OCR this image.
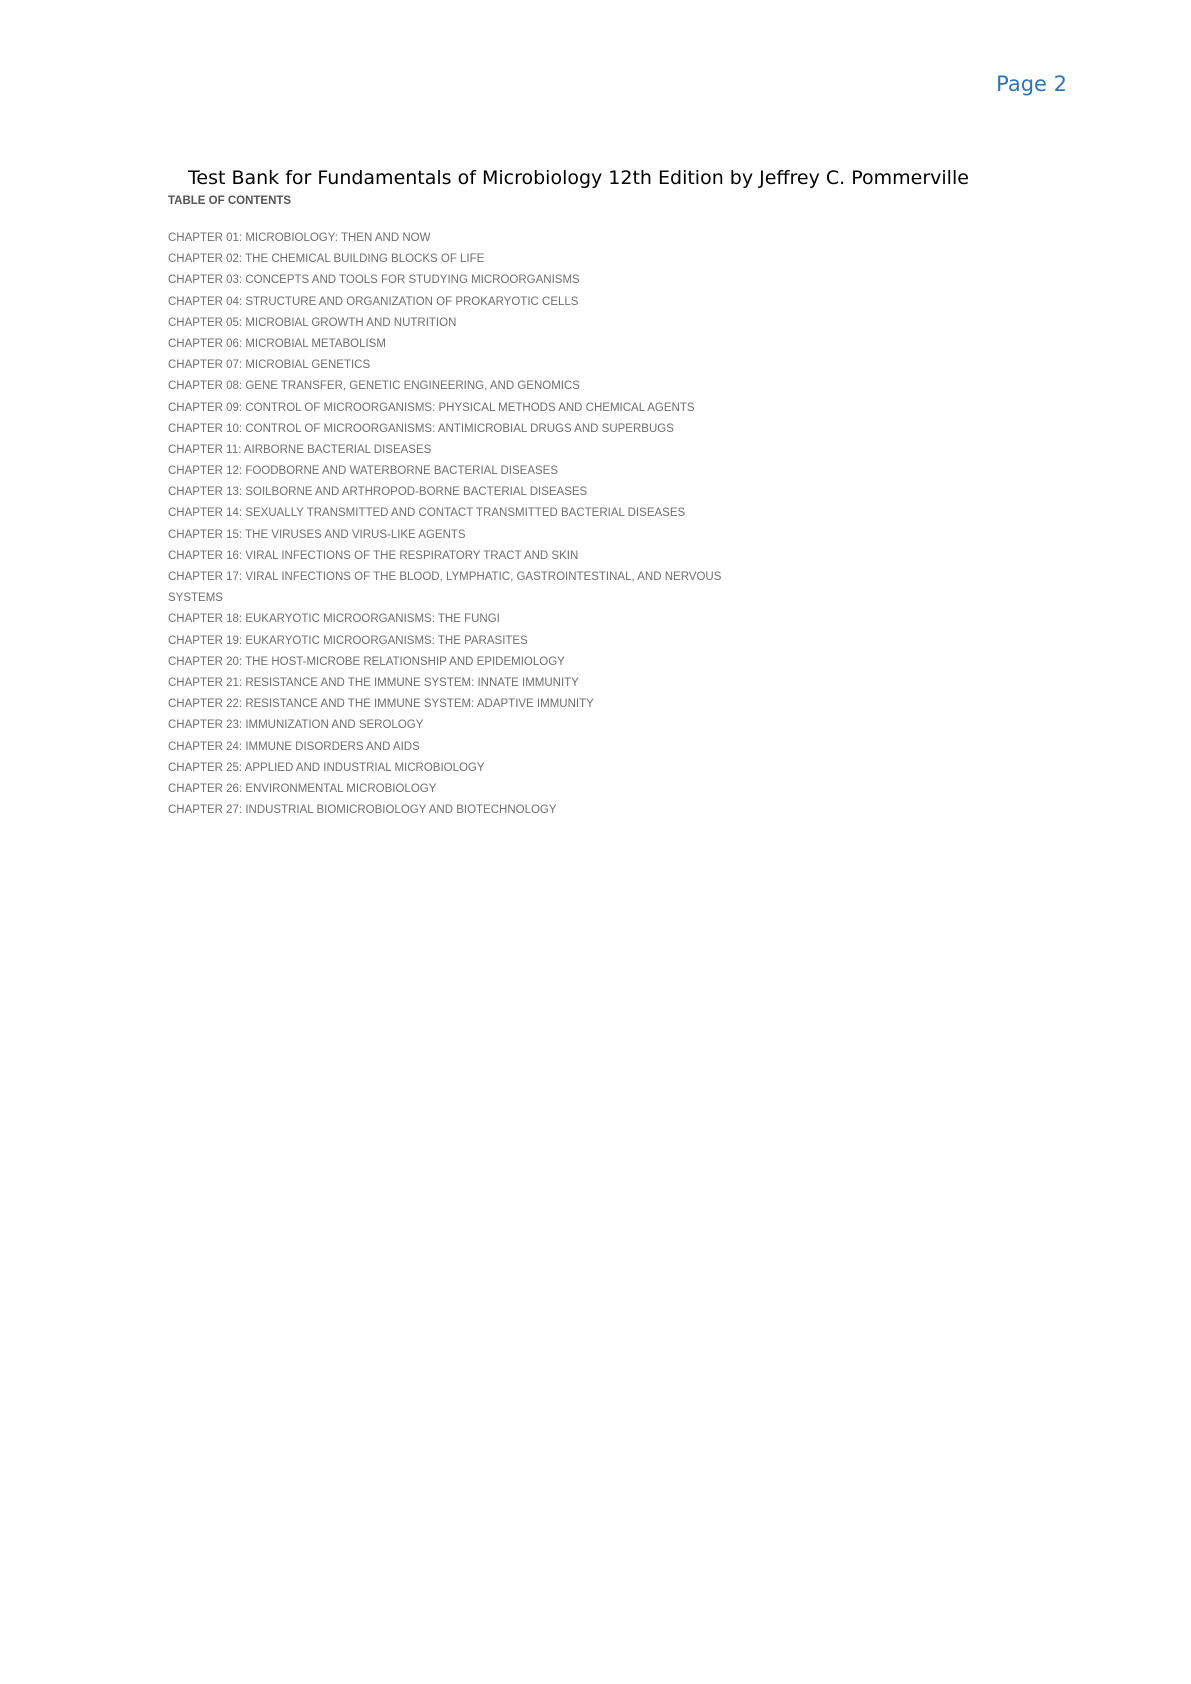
Page 2
Test Bank for Fundamentals of Microbiology 12th Edition by Jeffrey C. Pommerville
TABLE OF CONTENTS
CHAPTER 01: MICROBIOLOGY: THEN AND NOW
CHAPTER 02: THE CHEMICAL BUILDING BLOCKS OF LIFE
CHAPTER 03: CONCEPTS AND TOOLS FOR STUDYING MICROORGANISMS
CHAPTER 04: STRUCTURE AND ORGANIZATION OF PROKARYOTIC CELLS
CHAPTER 05: MICROBIAL GROWTH AND NUTRITION
CHAPTER 06: MICROBIAL METABOLISM
CHAPTER 07: MICROBIAL GENETICS
CHAPTER 08: GENE TRANSFER, GENETIC ENGINEERING, AND GENOMICS
CHAPTER 09: CONTROL OF MICROORGANISMS: PHYSICAL METHODS AND CHEMICAL AGENTS
CHAPTER 10: CONTROL OF MICROORGANISMS: ANTIMICROBIAL DRUGS AND SUPERBUGS
CHAPTER 11: AIRBORNE BACTERIAL DISEASES
CHAPTER 12: FOODBORNE AND WATERBORNE BACTERIAL DISEASES
CHAPTER 13: SOILBORNE AND ARTHROPOD-BORNE BACTERIAL DISEASES
CHAPTER 14: SEXUALLY TRANSMITTED AND CONTACT TRANSMITTED BACTERIAL DISEASES
CHAPTER 15: THE VIRUSES AND VIRUS-LIKE AGENTS
CHAPTER 16: VIRAL INFECTIONS OF THE RESPIRATORY TRACT AND SKIN
CHAPTER 17: VIRAL INFECTIONS OF THE BLOOD, LYMPHATIC, GASTROINTESTINAL, AND NERVOUS
SYSTEMS
CHAPTER 18: EUKARYOTIC MICROORGANISMS: THE FUNGI
CHAPTER 19: EUKARYOTIC MICROORGANISMS: THE PARASITES
CHAPTER 20: THE HOST-MICROBE RELATIONSHIP AND EPIDEMIOLOGY
CHAPTER 21: RESISTANCE AND THE IMMUNE SYSTEM: INNATE IMMUNITY
CHAPTER 22: RESISTANCE AND THE IMMUNE SYSTEM: ADAPTIVE IMMUNITY
CHAPTER 23: IMMUNIZATION AND SEROLOGY
CHAPTER 24: IMMUNE DISORDERS AND AIDS
CHAPTER 25: APPLIED AND INDUSTRIAL MICROBIOLOGY
CHAPTER 26: ENVIRONMENTAL MICROBIOLOGY
CHAPTER 27: INDUSTRIAL BIOMICROBIOLOGY AND BIOTECHNOLOGY
